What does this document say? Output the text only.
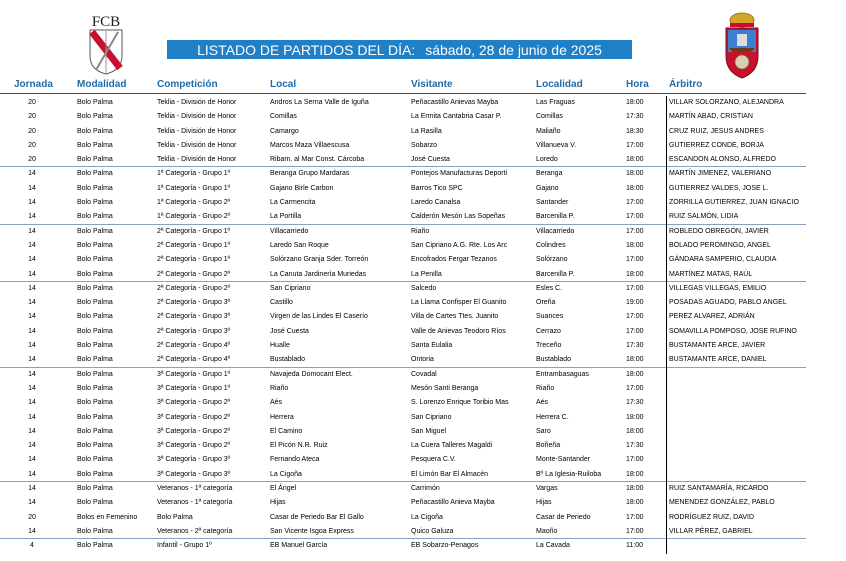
FCB
LISTADO DE PARTIDOS DEL DÍA: sábado, 28 de junio de 2025
Jornada Modalidad	Competición	Local	Visitante	Localidad	Hora Árbitro
20	Bolo Palma	Teklia - División de Honor	Andros La Serna Valle de Iguña	Peñacastillo Anievas Mayba	Las Fraguas	18:00	VILLAR SOLORZANO, ALEJANDRA
20	Bolo Palma	Teklia - División de Honor	Comillas	La Ermita Cantabria Casar P.	Comillas	17:30	MARTÍN ABAD, CRISTIAN
20	Bolo Palma	Teklia - División de Honor	Camargo	La Rasilla	Maliaño	18:30	CRUZ RUIZ, JESUS ANDRES
20	Bolo Palma	Teklia - División de Honor	Marcos Maza Villaescusa	Sobarzo	Villanueva V.	17:00	GUTIERREZ CONDE, BORJA
20	Bolo Palma	Teklia - División de Honor	Ribam. al Mar Const. Cárcoba	José Cuesta	Loredo	18:00	ESCANDON ALONSO, ALFREDO
14	Bolo Palma	1ª Categoría - Grupo 1º	Beranga Grupo Mardaras	Pontejos Manufacturas Deporti	Beranga	18:00	MARTÍN JIMENEZ, VALERIANO
14	Bolo Palma	1ª Categoría - Grupo 1º	Gajano Birle Carbon	Barros Tico SPC	Gajano	18:00	GUTIERREZ VALDES, JOSE L.
14	Bolo Palma	1ª Categoría - Grupo 2º	La Carmencita	Laredo Canalsa	Santander	17:00	ZORRILLA GUTIERREZ, JUAN IGNACIO
14	Bolo Palma	1ª Categoría - Grupo 2º	La Portilla	Calderón Mesón Las Sopeñas	Barcenilla P.	17:00	RUIZ SALMÓN, LIDIA
14	Bolo Palma	2ª Categoría - Grupo 1º	Villacarriedo	Riaño	Villacarriedo	17:00	ROBLEDO OBREGÓN, JAVIER
14	Bolo Palma	2ª Categoría - Grupo 1º	Laredo San Roque	San Cipriano A.G. Rte. Los Arc	Colindres	18:00	BOLADO PEROMINGO, ANGEL
14	Bolo Palma	2ª Categoría - Grupo 1º	Solórzano Granja Sder. Torreón	Encofrados Fergar Tezanos	Solórzano	17:00	GÁNDARA SAMPERIO, CLAUDIA
14	Bolo Palma	2ª Categoría - Grupo 2º	La Canuta Jardinería Muriedas	La Penilla	Barcenilla P.	18:00	MARTÍNEZ MATAS, RAÚL
14	Bolo Palma	2ª Categoría - Grupo 2º	San Cipriano	Salcedo	Esles C.	17:00	VILLEGAS VILLEGAS, EMILIO
14	Bolo Palma	2ª Categoría - Grupo 3º	Castillo	La Llama Confisper El Guanito	Oreña	19:00	POSADAS AGUADO, PABLO ANGEL
14	Bolo Palma	2ª Categoría - Grupo 3º	Virgen de las Lindes El Caserío	Villa de Cartes Ttes. Juanito	Suances	17:00	PEREZ ALVAREZ, ADRIÁN
14	Bolo Palma	2ª Categoría - Grupo 3º	José Cuesta	Valle de Anievas Teodoro Ríos	Cerrazo	17:00	SOMAVILLA POMPOSO, JOSE RUFINO
14	Bolo Palma	2ª Categoría - Grupo 4º	Hualle	Santa Eulalia	Treceño	17:30	BUSTAMANTE ARCE, JAVIER
14	Bolo Palma	2ª Categoría - Grupo 4º	Bustablado	Ontoria	Bustablado	18:00	BUSTAMANTE ARCE, DANIEL
14	Bolo Palma	3ª Categoría - Grupo 1º	Navajeda Domocant Elect.	Covadal	Entrambasaguas	18:00
14	Bolo Palma	3ª Categoría - Grupo 1º	Riaño	Mesón Santi Beranga	Riaño	17:00
14	Bolo Palma	3ª Categoría - Grupo 2º	Aés	S. Lorenzo Enrique Toribio Mas	Aés	17:30
14	Bolo Palma	3ª Categoría - Grupo 2º	Herrera	San Cipriano	Herrera C.	18:00
14	Bolo Palma	3ª Categoría - Grupo 2º	El Camino	San Miguel	Saro	18:00
14	Bolo Palma	3ª Categoría - Grupo 2º	El Picón N.R. Ruiz	La Cuera Talleres Magaldi	Boñeña	17:30
14	Bolo Palma	3ª Categoría - Grupo 3º	Fernando Ateca	Pesquera C.V.	Monte-Santander	17:00
14	Bolo Palma	3ª Categoría - Grupo 3º	La Cigoña	El Limón Bar El Almacén	Bº La Iglesia-Ruiloba	18:00
14	Bolo Palma	Veteranos - 1ª categoría	El Ángel	Carrimón	Vargas	18:00	RUIZ SANTAMARÍA, RICARDO
14	Bolo Palma	Veteranos - 1ª categoría	Hijas	Peñacastillo Anieva Mayba	Hijas	18:00	MENENDEZ GONZÁLEZ, PABLO
20	Bolos en Femenino	Bolo Palma	Casar de Periedo Bar El Gallo	La Cigoña	Casar de Periedo	17:00	RODRÍGUEZ RUIZ, DAVID
14	Bolo Palma	Veteranos - 2ª categoría	San Vicente Isgoa Express	Quico Galuza	Maoño	17:00	VILLAR PÉREZ, GABRIEL
4	Bolo Palma	Infantil - Grupo 1º	EB Manuel García	EB Sobarzo-Penagos	La Cavada	11:00
